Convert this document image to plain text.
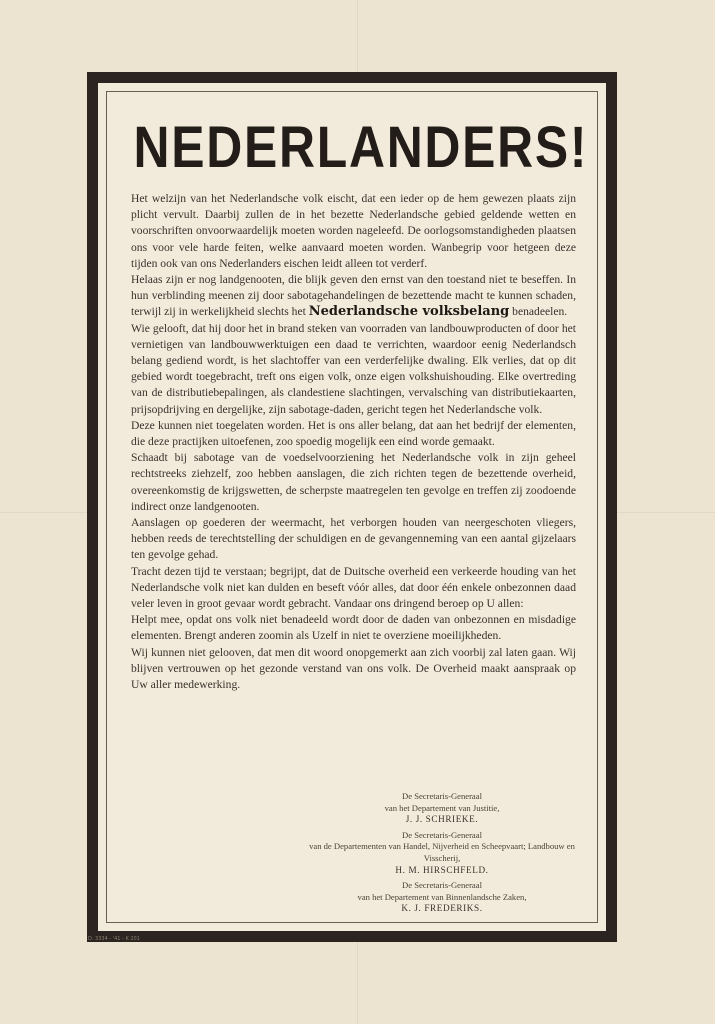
NEDERLANDERS!

Het welzijn van het Nederlandsche volk eischt, dat een ieder op de hem gewezen plaats zijn plicht vervult. Daarbij zullen de in het bezette Nederlandsche gebied geldende wetten en voorschriften onvoorwaardelijk moeten worden nageleefd. De oorlogsomstandigheden plaatsen ons voor vele harde feiten, welke aanvaard moeten worden. Wanbegrip voor hetgeen deze tijden ook van ons Nederlanders eischen leidt alleen tot verderf.

Helaas zijn er nog landgenooten, die blijk geven den ernst van den toestand niet te beseffen. In hun verblinding meenen zij door sabotagehandelingen de bezettende macht te kunnen schaden, terwijl zij in werkelijkheid slechts het Nederlandsche volksbelang benadeelen.

Wie gelooft, dat hij door het in brand steken van voorraden van landbouwproducten of door het vernietigen van landbouwwerktuigen een daad te verrichten, waardoor eenig Nederlandsch belang gediend wordt, is het slachtoffer van een verderfelijke dwaling. Elk verlies, dat op dit gebied wordt toegebracht, treft ons eigen volk, onze eigen volkshuishouding. Elke overtreding van de distributiebepalingen, als clandestiene slachtingen, vervalsching van distributiekaarten, prijsopdrijving en dergelijke, zijn sabotage-daden, gericht tegen het Nederlandsche volk.

Deze kunnen niet toegelaten worden. Het is ons aller belang, dat aan het bedrijf der elementen, die deze practijken uitoefenen, zoo spoedig mogelijk een eind worde gemaakt.

Schaadt bij sabotage van de voedselvoorziening het Nederlandsche volk in zijn geheel rechtstreeks ziehzelf, zoo hebben aanslagen, die zich richten tegen de bezettende overheid, overeenkomstig de krijgswetten, de scherpste maatregelen ten gevolge en treffen zij zoodoende indirect onze landgenooten.

Aanslagen op goederen der weermacht, het verborgen houden van neergeschoten vliegers, hebben reeds de terechtstelling der schuldigen en de gevangenneming van een aantal gijzelaars ten gevolge gehad.

Tracht dezen tijd te verstaan; begrijpt, dat de Duitsche overheid een verkeerde houding van het Nederlandsche volk niet kan dulden en beseft vóór alles, dat door één enkele onbezonnen daad veler leven in groot gevaar wordt gebracht. Vandaar ons dringend beroep op U allen:

Helpt mee, opdat ons volk niet benadeeld wordt door de daden van onbezonnen en misdadige elementen. Brengt anderen zoomin als Uzelf in niet te overziene moeilijkheden.

Wij kunnen niet gelooven, dat men dit woord onopgemerkt aan zich voorbij zal laten gaan. Wij blijven vertrouwen op het gezonde verstand van ons volk. De Overheid maakt aanspraak op Uw aller medewerking.

De Secretaris-Generaal
van het Departement van Justitie,
J. J. SCHRIEKE.
De Secretaris-Generaal
van de Departementen van Handel, Nijverheid en Scheepvaart; Landbouw en Visscherij,
H. M. HIRSCHFELD.
De Secretaris-Generaal
van het Departement van Binnenlandsche Zaken,
K. J. FREDERIKS.
D. 3334 - '41 - K 201
